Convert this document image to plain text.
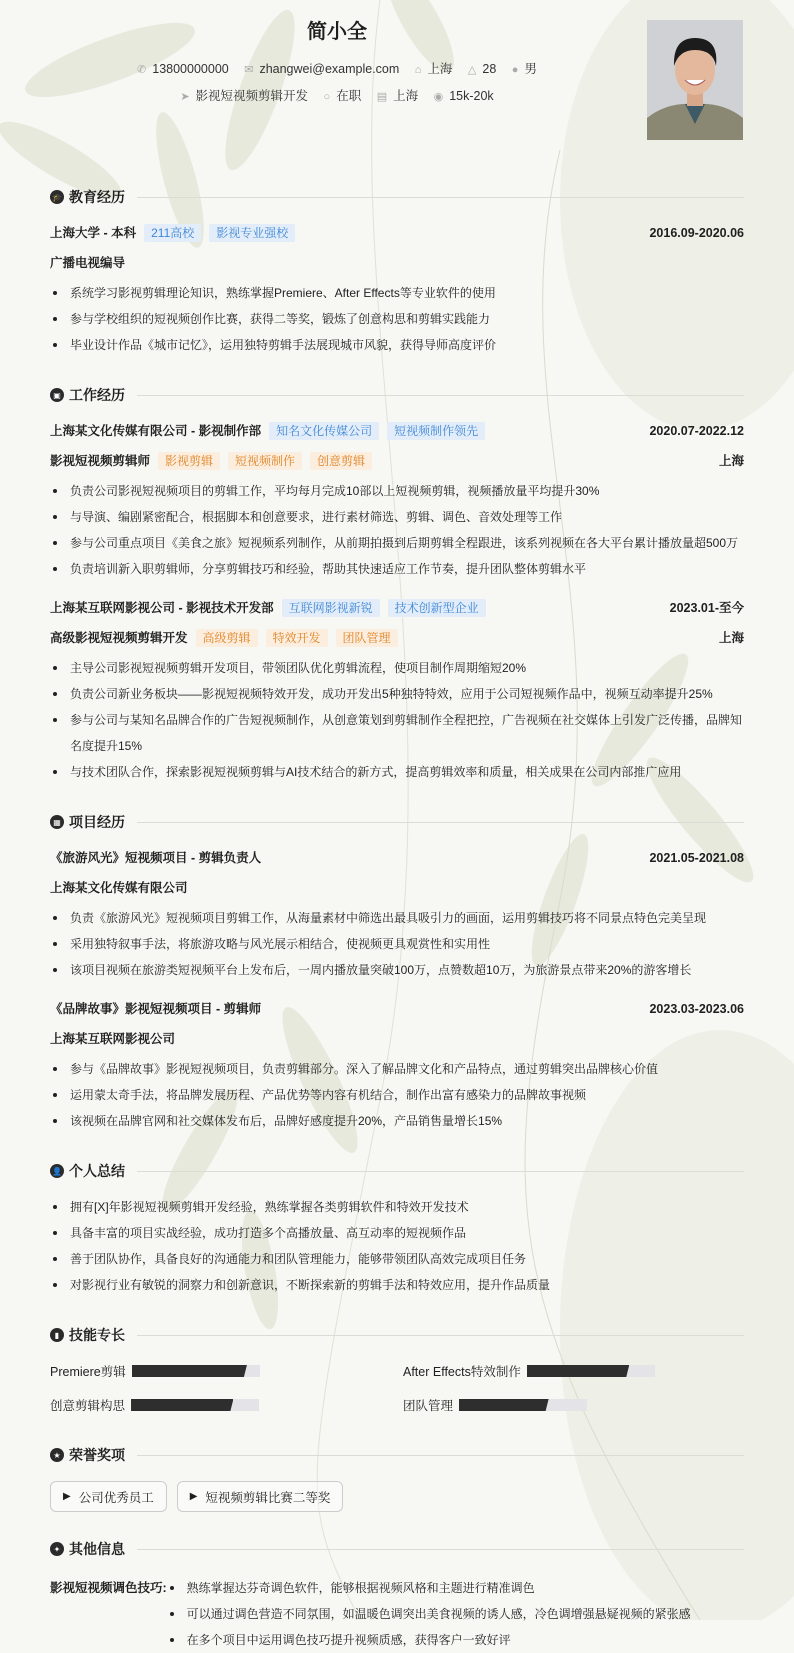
简小全
✆ 13800000000 ✉ zhangwei@example.com ⌂ 上海 △ 28 ● 男
➤ 影视短视频剪辑开发 ○ 在职 ▤ 上海 ◉ 15k-20k
🎓 教育经历
上海大学 - 本科	211高校	影视专业强校	2016.09-2020.06
广播电视编导
系统学习影视剪辑理论知识，熟练掌握Premiere、After Effects等专业软件的使用
参与学校组织的短视频创作比赛，获得二等奖，锻炼了创意构思和剪辑实践能力
毕业设计作品《城市记忆》，运用独特剪辑手法展现城市风貌，获得导师高度评价
▣ 工作经历
上海某文化传媒有限公司 - 影视制作部	知名文化传媒公司	短视频制作领先	2020.07-2022.12
影视短视频剪辑师	影视剪辑	短视频制作	创意剪辑	上海
负责公司影视短视频项目的剪辑工作，平均每月完成10部以上短视频剪辑，视频播放量平均提升30%
与导演、编剧紧密配合，根据脚本和创意要求，进行素材筛选、剪辑、调色、音效处理等工作
参与公司重点项目《美食之旅》短视频系列制作，从前期拍摄到后期剪辑全程跟进，该系列视频在各大平台累计播放量超500万
负责培训新入职剪辑师，分享剪辑技巧和经验，帮助其快速适应工作节奏，提升团队整体剪辑水平
上海某互联网影视公司 - 影视技术开发部	互联网影视新锐	技术创新型企业	2023.01-至今
高级影视短视频剪辑开发	高级剪辑	特效开发	团队管理	上海
主导公司影视短视频剪辑开发项目，带领团队优化剪辑流程，使项目制作周期缩短20%
负责公司新业务板块——影视短视频特效开发，成功开发出5种独特特效，应用于公司短视频作品中，视频互动率提升25%
参与公司与某知名品牌合作的广告短视频制作，从创意策划到剪辑制作全程把控，广告视频在社交媒体上引发广泛传播，品牌知名度提升15%
与技术团队合作，探索影视短视频剪辑与AI技术结合的新方式，提高剪辑效率和质量，相关成果在公司内部推广应用
▦ 项目经历
《旅游风光》短视频项目 - 剪辑负责人	2021.05-2021.08
上海某文化传媒有限公司
负责《旅游风光》短视频项目剪辑工作，从海量素材中筛选出最具吸引力的画面，运用剪辑技巧将不同景点特色完美呈现
采用独特叙事手法，将旅游攻略与风光展示相结合，使视频更具观赏性和实用性
该项目视频在旅游类短视频平台上发布后，一周内播放量突破100万，点赞数超10万，为旅游景点带来20%的游客增长
《品牌故事》影视短视频项目 - 剪辑师	2023.03-2023.06
上海某互联网影视公司
参与《品牌故事》影视短视频项目，负责剪辑部分。深入了解品牌文化和产品特点，通过剪辑突出品牌核心价值
运用蒙太奇手法，将品牌发展历程、产品优势等内容有机结合，制作出富有感染力的品牌故事视频
该视频在品牌官网和社交媒体发布后，品牌好感度提升20%，产品销售量增长15%
👤 个人总结
拥有[X]年影视短视频剪辑开发经验，熟练掌握各类剪辑软件和特效开发技术
具备丰富的项目实战经验，成功打造多个高播放量、高互动率的短视频作品
善于团队协作，具备良好的沟通能力和团队管理能力，能够带领团队高效完成项目任务
对影视行业有敏锐的洞察力和创新意识，不断探索新的剪辑手法和特效应用，提升作品质量
▮ 技能专长
Premiere剪辑	After Effects特效制作
创意剪辑构思	团队管理
★ 荣誉奖项
▶ 公司优秀员工	▶ 短视频剪辑比赛二等奖
✦ 其他信息
影视短视频调色技巧:	熟练掌握达芬奇调色软件，能够根据视频风格和主题进行精准调色
可以通过调色营造不同氛围，如温暖色调突出美食视频的诱人感，冷色调增强悬疑视频的紧张感
在多个项目中运用调色技巧提升视频质感，获得客户一致好评
